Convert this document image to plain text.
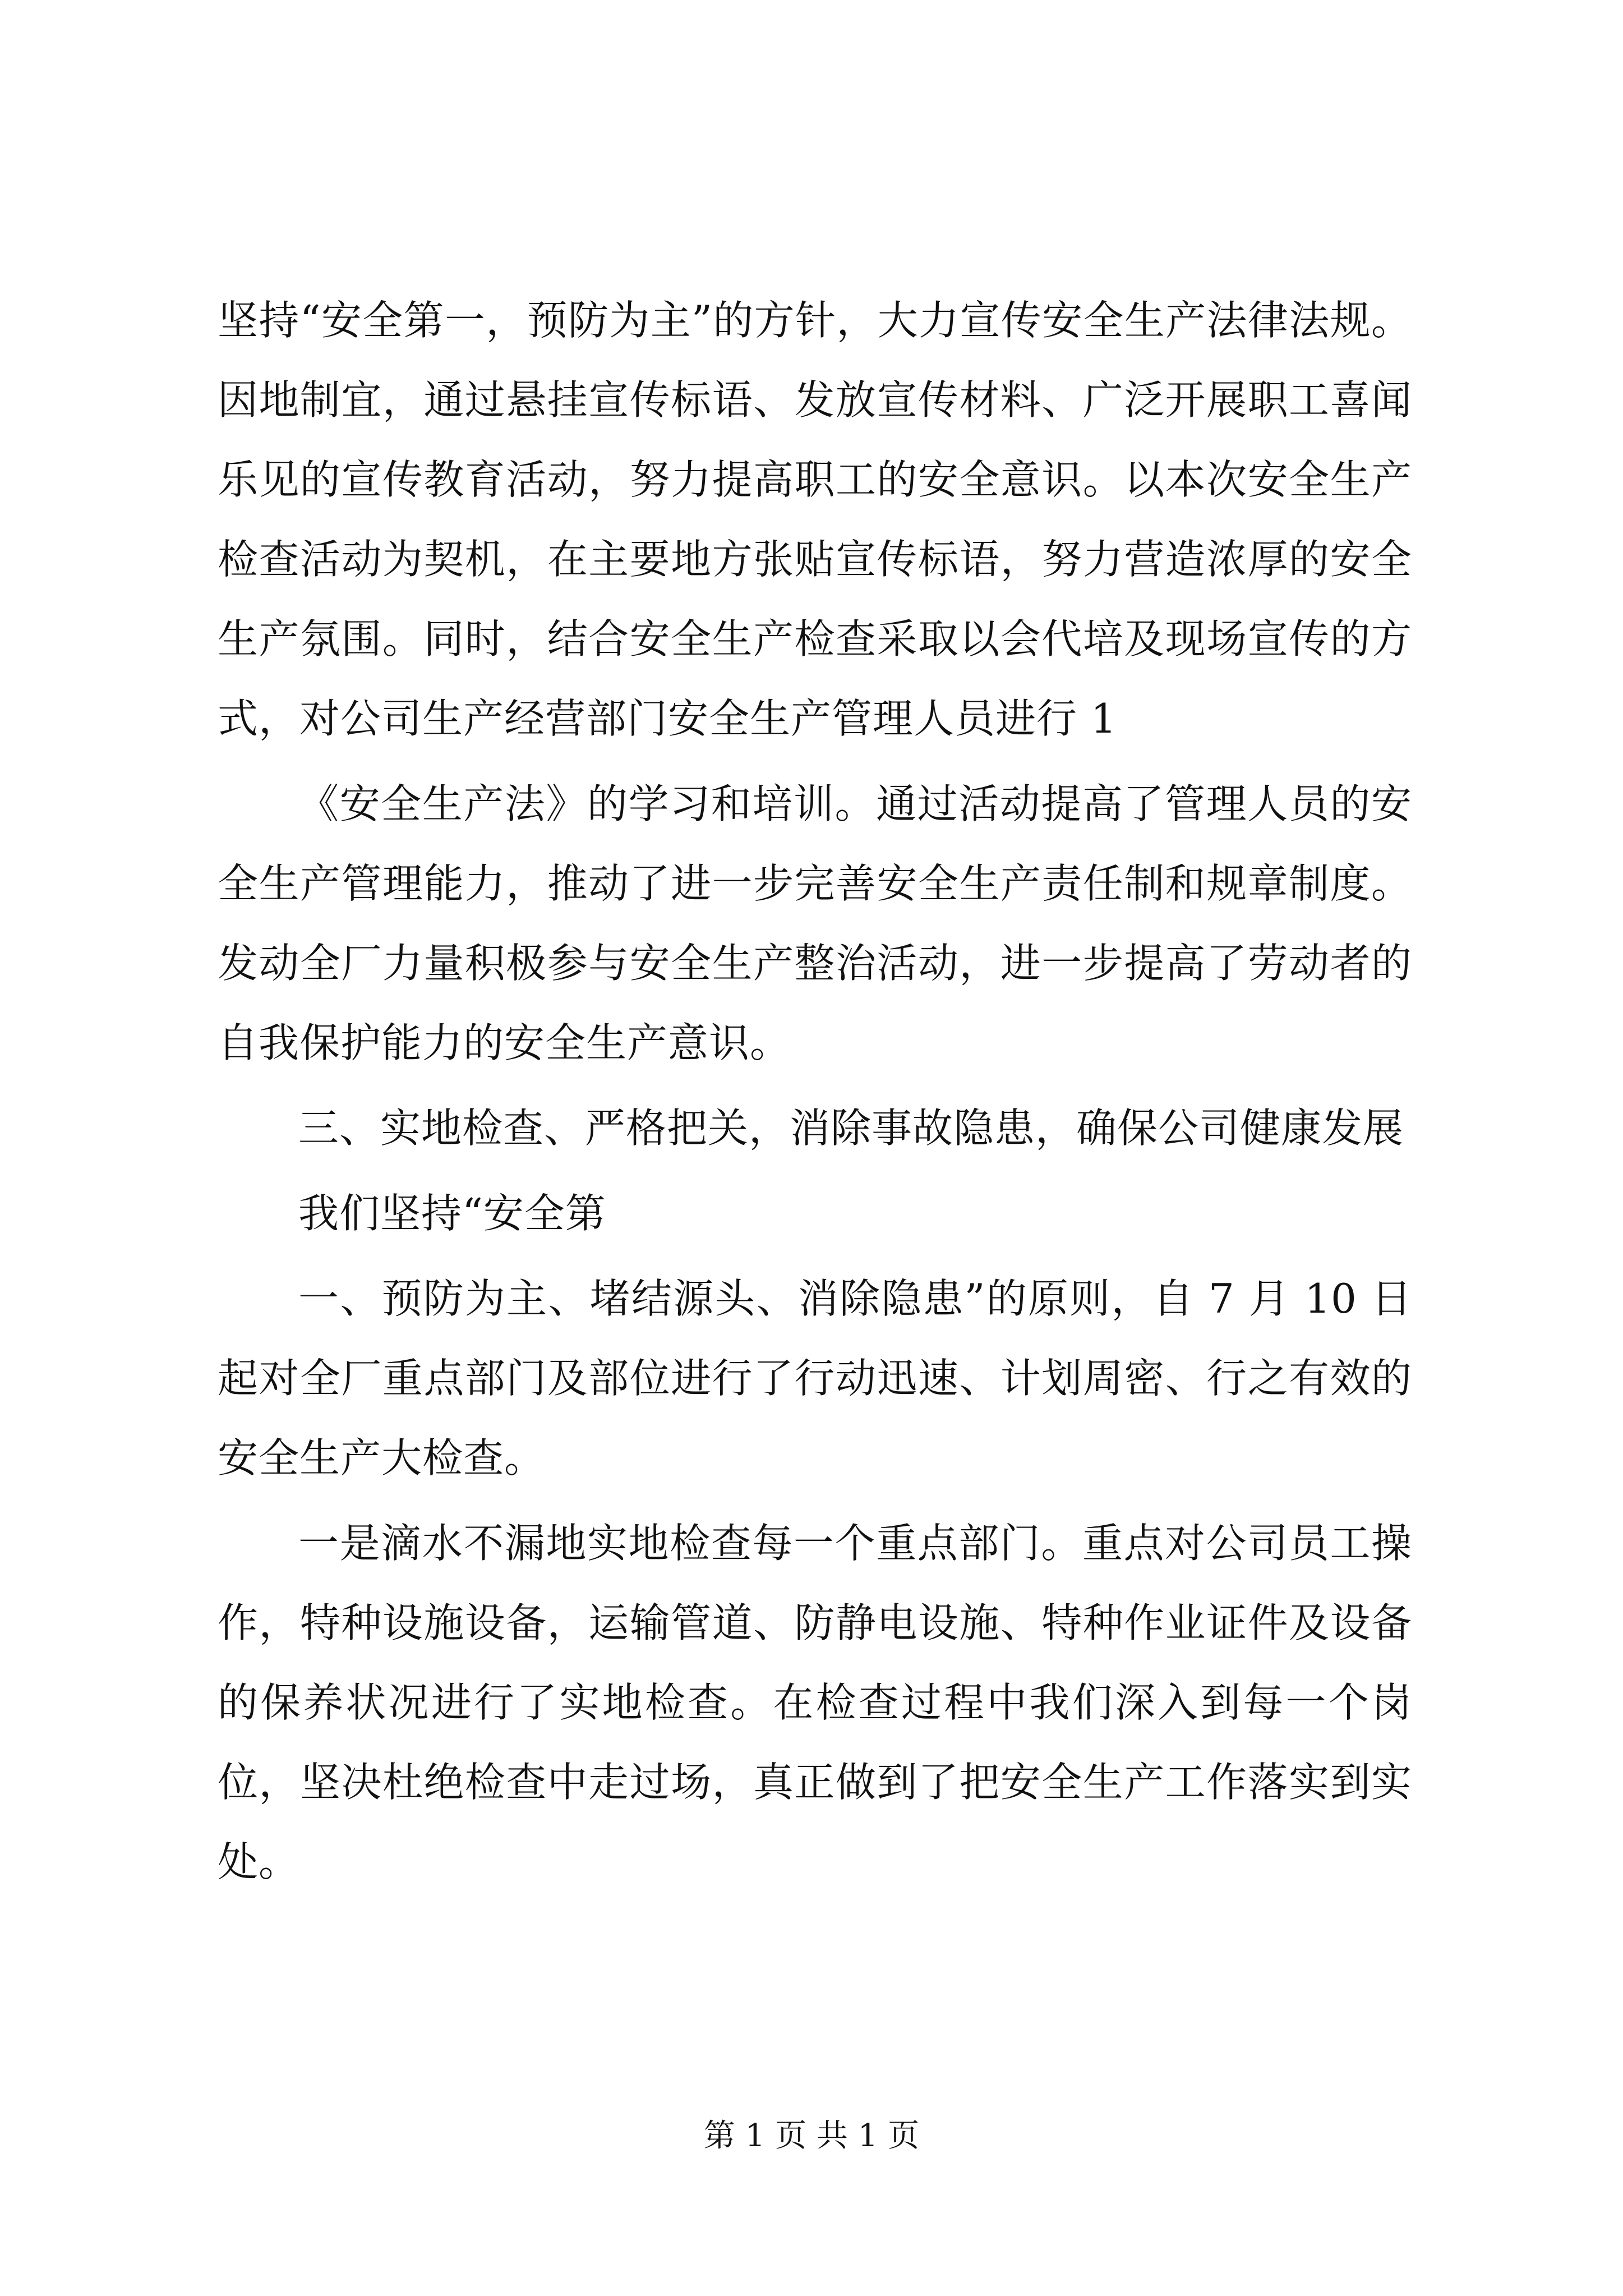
坚持“安全第一，预防为主”的方针，大力宣传安全生产法律法规。因地制宜，通过悬挂宣传标语、发放宣传材料、广泛开展职工喜闻乐见的宣传教育活动，努力提高职工的安全意识。以本次安全生产检查活动为契机，在主要地方张贴宣传标语，努力营造浓厚的安全生产氛围。同时，结合安全生产检查采取以会代培及现场宣传的方式，对公司生产经营部门安全生产管理人员进行 1

《安全生产法》的学习和培训。通过活动提高了管理人员的安全生产管理能力，推动了进一步完善安全生产责任制和规章制度。发动全厂力量积极参与安全生产整治活动，进一步提高了劳动者的自我保护能力的安全生产意识。

三、实地检查、严格把关，消除事故隐患，确保公司健康发展

我们坚持“安全第

一、预防为主、堵结源头、消除隐患”的原则，自 7 月 10 日起对全厂重点部门及部位进行了行动迅速、计划周密、行之有效的安全生产大检查。

一是滴水不漏地实地检查每一个重点部门。重点对公司员工操作，特种设施设备，运输管道、防静电设施、特种作业证件及设备的保养状况进行了实地检查。在检查过程中我们深入到每一个岗位，坚决杜绝检查中走过场，真正做到了把安全生产工作落实到实处。

第 1 页 共 1 页
